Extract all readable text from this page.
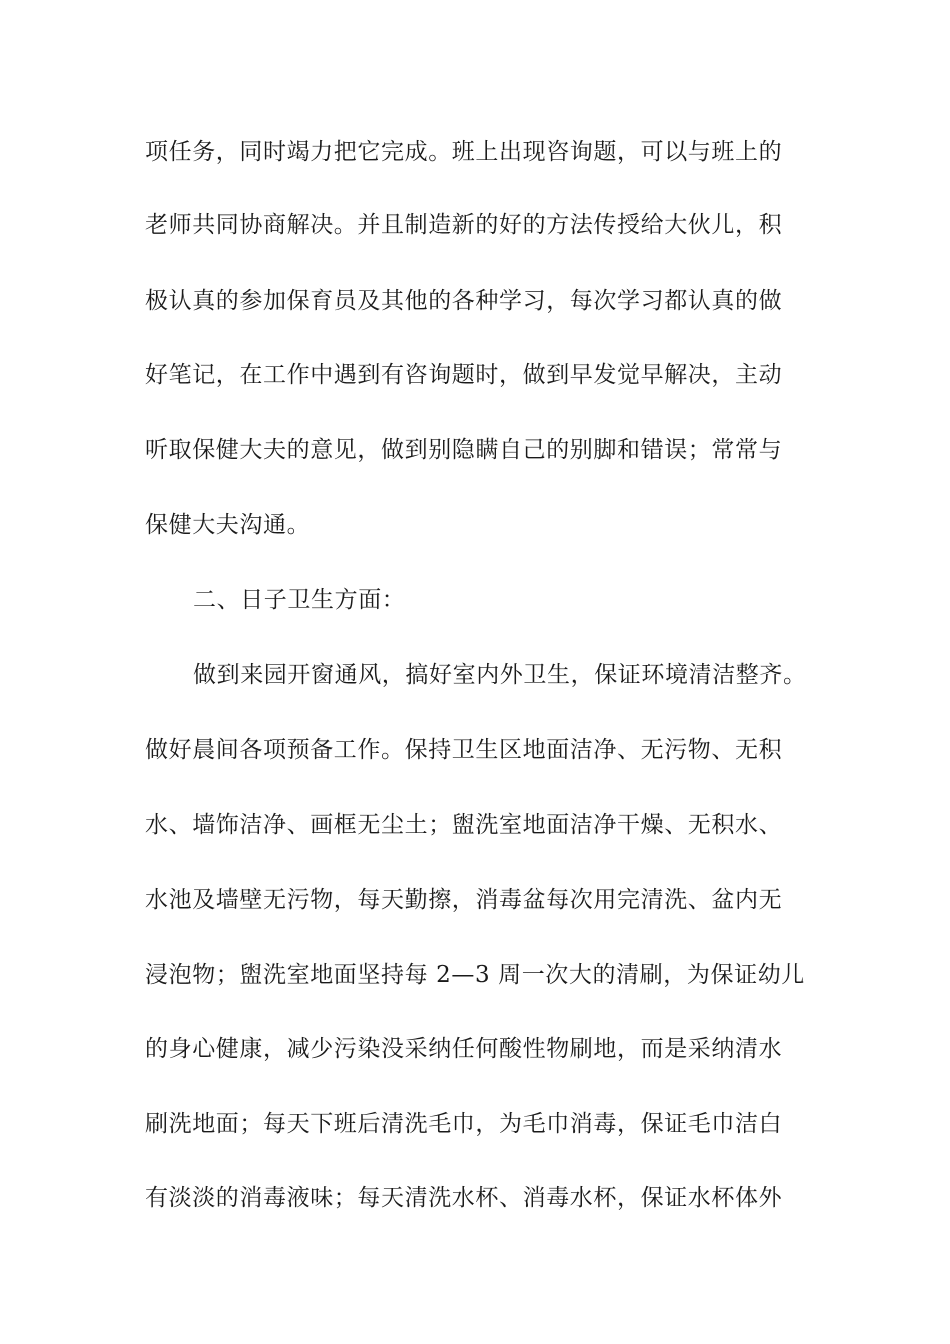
项任务，同时竭力把它完成。班上出现咨询题，可以与班上的

老师共同协商解决。并且制造新的好的方法传授给大伙儿，积

极认真的参加保育员及其他的各种学习，每次学习都认真的做

好笔记，在工作中遇到有咨询题时，做到早发觉早解决，主动

听取保健大夫的意见，做到别隐瞒自己的别脚和错误；常常与

保健大夫沟通。

二、日子卫生方面：

做到来园开窗通风，搞好室内外卫生，保证环境清洁整齐。

做好晨间各项预备工作。保持卫生区地面洁净、无污物、无积

水、墙饰洁净、画框无尘土；盥洗室地面洁净干燥、无积水、

水池及墙壁无污物，每天勤擦，消毒盆每次用完清洗、盆内无

浸泡物；盥洗室地面坚持每 2—3 周一次大的清刷，为保证幼儿

的身心健康，减少污染没采纳任何酸性物刷地，而是采纳清水

刷洗地面；每天下班后清洗毛巾，为毛巾消毒，保证毛巾洁白

有淡淡的消毒液味；每天清洗水杯、消毒水杯，保证水杯体外
